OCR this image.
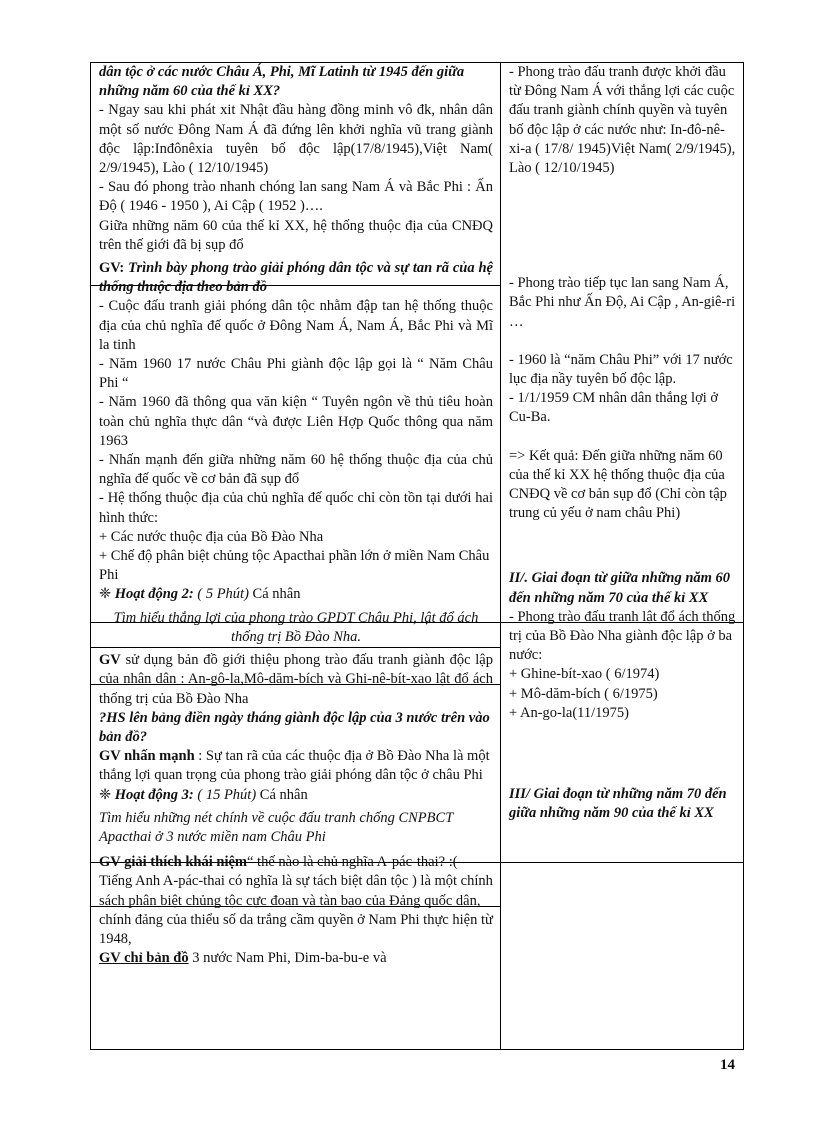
dân tộc ở các nước Châu Á, Phi, Mĩ Latinh từ 1945 đến giữa những năm 60 của thế kỉ XX?

- Ngay sau khi phát xit Nhật đầu hàng đồng minh vô đk, nhân dân một số nước Đông Nam Á đã đứng lên khởi nghĩa vũ trang giành độc lập:Inđônêxia tuyên bố độc lập(17/8/1945),Việt Nam( 2/9/1945), Lào ( 12/10/1945)

- Sau đó phong trào nhanh chóng lan sang Nam Á và Bắc Phi : Ấn Độ ( 1946 - 1950 ), Ai Cập ( 1952 )….

Giữa những năm 60 của thế kỉ XX, hệ thống thuộc địa của CNĐQ trên thế giới đã bị sụp đổ

GV: Trình bày phong trào giải phóng dân tộc và sự tan rã của hệ thống thuộc địa theo bản đồ

- Cuộc đấu tranh giải phóng dân tộc nhằm đập tan hệ thống thuộc địa của chủ nghĩa đế quốc ở Đông Nam Á, Nam Á, Bắc Phi và Mĩ la tinh

- Năm 1960 17 nước Châu Phi giành độc lập gọi là “ Năm Châu Phi “

- Năm 1960 đã thông qua văn kiện “ Tuyên ngôn về thủ tiêu hoàn toàn chủ nghĩa thực dân “và được Liên Hợp Quốc thông qua năm 1963

- Nhấn mạnh đến giữa những năm 60 hệ thống thuộc địa của chủ nghĩa đế quốc về cơ bản đã sụp đổ

- Hệ thống thuộc địa của chủ nghĩa đế quốc chỉ còn tồn tại dưới hai hình thức:

+ Các nước thuộc địa của Bồ Đào Nha

+ Chế độ phân biệt chủng tộc Apacthai phần lớn ở miền Nam Châu Phi

❈ Hoạt động 2: ( 5 Phút) Cá nhân

Tìm hiểu thắng lợi của phong trào GPDT Châu Phi, lật đổ ách thống trị Bồ Đào Nha.

GV sử dụng bản đồ giới thiệu phong trào đấu tranh giành độc lập của nhân dân : An-gô-la,Mô-dăm-bích và Ghi-nê-bít-xao lật đổ ách thống trị của Bồ Đào Nha

?HS lên bảng điền ngày tháng giành độc lập của 3 nước trên vào bản đồ?

GV nhấn mạnh : Sự tan rã của các thuộc địa ở Bồ Đào Nha là một thắng lợi quan trọng của phong trào giải phóng dân tộc ở châu Phi

❈ Hoạt động 3: ( 15 Phút) Cá nhân

Tìm hiểu những nét chính về cuộc đấu tranh chống CNPBCT Apacthai ở 3 nước miền nam Châu Phi

GV giải thích khái niệm“ thế nào là chủ nghĩa A-pác-thai? :( Tiếng Anh A-pác-thai có nghĩa là sự tách biệt dân tộc ) là một chính sách phân biệt chủng tộc cực đoan và tàn bạo của Đảng quốc dân, chính đảng của thiểu số da trắng cầm quyền ở Nam Phi thực hiện từ 1948,

GV chỉ bản đồ 3 nước Nam Phi, Dim-ba-bu-e và

- Phong trào đấu tranh được khởi đầu từ Đông Nam Á với thắng lợi các cuộc đấu tranh giành chính quyền và tuyên bố độc lập ở các nước như: In-đô-nê-xi-a ( 17/8/ 1945)Việt Nam( 2/9/1945), Lào ( 12/10/1945)

- Phong trào tiếp tục lan sang Nam Á, Bắc Phi như Ấn Độ, Ai Cập , An-giê-ri …

- 1960 là “năm Châu Phi” với 17 nước lục địa nầy tuyên bố độc lập.

- 1/1/1959 CM nhân dân thắng lợi ở Cu-Ba.

=> Kết quả: Đến giữa những năm 60 của thế kỉ XX hệ thống thuộc địa của CNĐQ về cơ bản sụp đổ (Chỉ còn tập trung củ yếu ở nam châu Phi)

II/. Giai đoạn từ giữa những năm 60 đến những năm 70 của thế kỉ XX

- Phong trào đấu tranh lật đổ ách thống trị của Bồ Đào Nha giành độc lập ở ba nước:

+ Ghine-bít-xao ( 6/1974)

+ Mô-dăm-bích ( 6/1975)

+ An-go-la(11/1975)

III/ Giai đoạn từ những năm 70 đến giữa những năm 90 của thế kỉ XX

14
